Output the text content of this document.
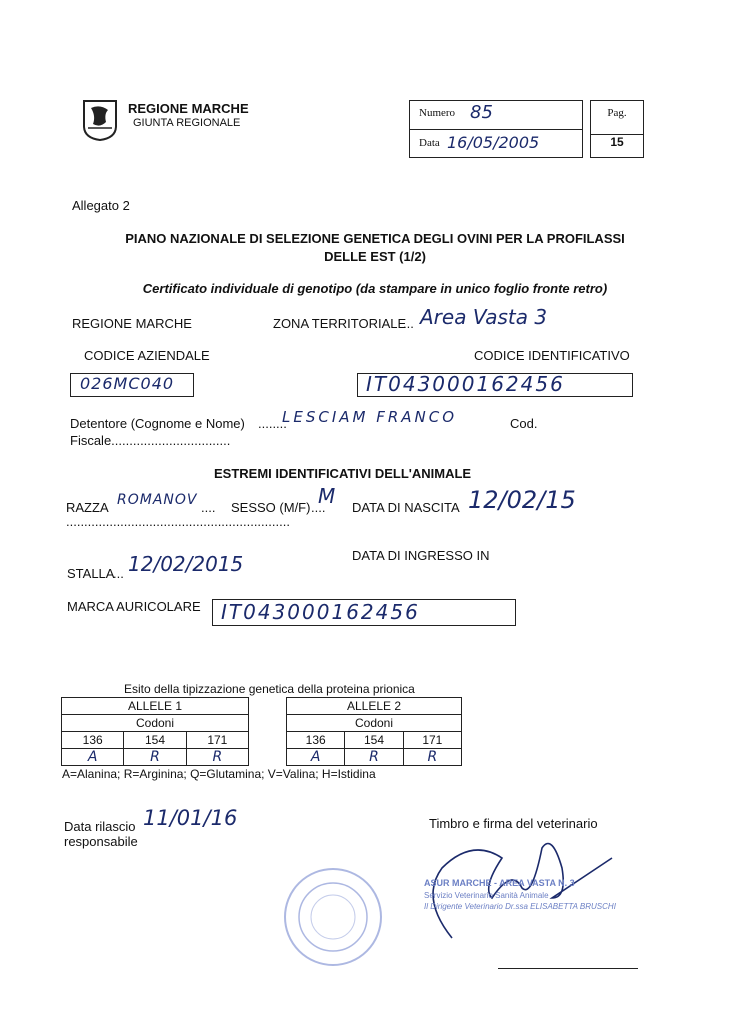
REGIONE MARCHE
GIUNTA REGIONALE
Numero 85
Data 16/05/2005
Pag.
15
Allegato 2
PIANO NAZIONALE DI SELEZIONE GENETICA DEGLI OVINI PER LA PROFILASSI
DELLE EST (1/2)
Certificato individuale di genotipo (da stampare in unico foglio fronte retro)
REGIONE MARCHE	ZONA TERRITORIALE
... Area Vasta 3
CODICE AZIENDALE	CODICE IDENTIFICATIVO
026MC040	IT043000162456
Detentore (Cognome e Nome) ........
LESCIAM FRANCO	Cod.
Fiscale.................................
ESTREMI IDENTIFICATIVI DELL'ANIMALE
RAZZA ROMANOV .... SESSO (M/F) ....
M DATA DI NASCITA 12/02/15
..............................................................
DATA DI INGRESSO IN
STALLA
... 12/02/2015
MARCA AURICOLARE IT043000162456
Esito della tipizzazione genetica della proteina prionica
ALLELE 1		
Codoni		
136	154	171
A	R	R
ALLELE 2		
Codoni		
136	154	171
A	R	R
A=Alanina; R=Arginina; Q=Glutamina; V=Valina; H=Istidina
Data rilascio 11/01/16
responsabile
Timbro e firma del veterinario
ASUR MARCHE - AREA VASTA N. 3
Servizio Veterinario Sanità Animale
Il Dirigente Veterinario Dr.ssa ELISABETTA BRUSCHI
